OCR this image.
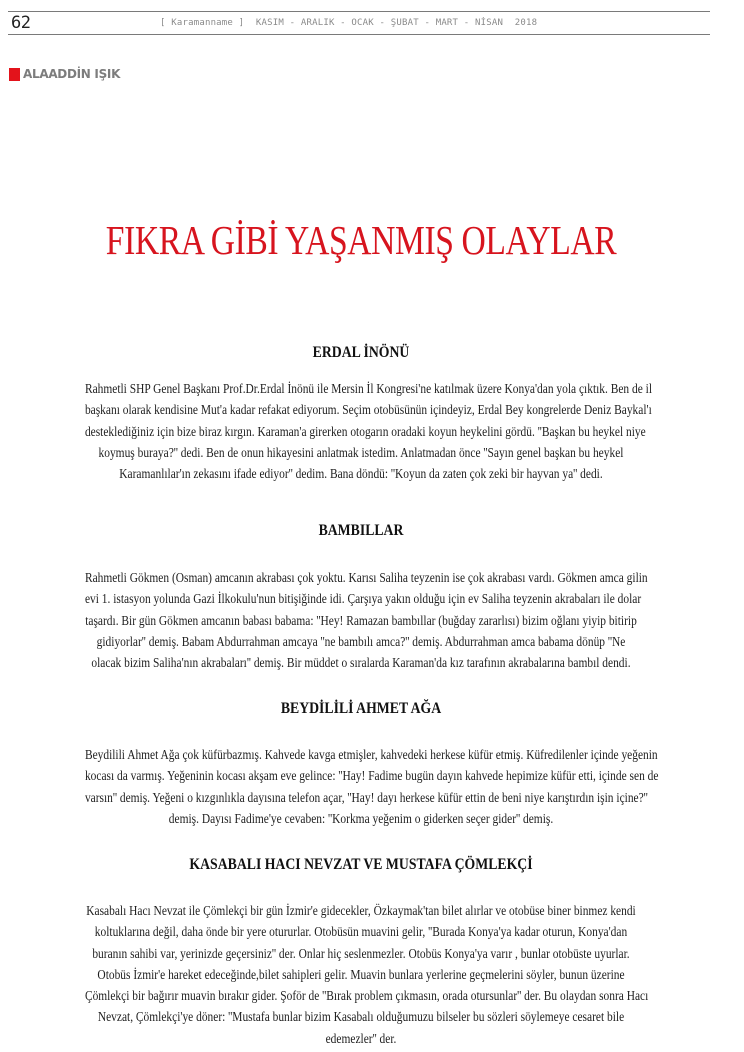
62	[ Karamanname ] KASIM - ARALIK - OCAK - ŞUBAT - MART - NİSAN 2018
ALAADDİN IŞIK
FIKRA GİBİ YAŞANMIŞ OLAYLAR
ERDAL İNÖNÜ
Rahmetli SHP Genel Başkanı Prof.Dr.Erdal İnönü ile Mersin İl Kongresi'ne katılmak üzere Konya'dan yola çıktık. Ben de il
başkanı olarak kendisine Mut'a kadar refakat ediyorum. Seçim otobüsünün içindeyiz, Erdal Bey kongrelerde Deniz Baykal'ı
desteklediğiniz için bize biraz kırgın. Karaman'a girerken otogarın oradaki koyun heykelini gördü. ''Başkan bu heykel niye
koymuş buraya?'' dedi. Ben de onun hikayesini anlatmak istedim. Anlatmadan önce ''Sayın genel başkan bu heykel
Karamanlılar'ın zekasını ifade ediyor'' dedim. Bana döndü: ''Koyun da zaten çok zeki bir hayvan ya'' dedi.
BAMBILLAR
Rahmetli Gökmen (Osman) amcanın akrabası çok yoktu. Karısı Saliha teyzenin ise çok akrabası vardı. Gökmen amca gilin
evi 1. istasyon yolunda Gazi İlkokulu'nun bitişiğinde idi. Çarşıya yakın olduğu için ev Saliha teyzenin akrabaları ile dolar
taşardı. Bir gün Gökmen amcanın babası babama: ''Hey! Ramazan bambıllar (buğday zararlısı) bizim oğlanı yiyip bitirip
gidiyorlar'' demiş. Babam Abdurrahman amcaya ''ne bambılı amca?'' demiş. Abdurrahman amca babama dönüp ''Ne
olacak bizim Saliha'nın akrabaları'' demiş. Bir müddet o sıralarda Karaman'da kız tarafının akrabalarına bambıl dendi.
BEYDİLİLİ AHMET AĞA
Beydilili Ahmet Ağa çok küfürbazmış. Kahvede kavga etmişler, kahvedeki herkese küfür etmiş. Küfredilenler içinde yeğenin
kocası da varmış. Yeğeninin kocası akşam eve gelince: ''Hay! Fadime bugün dayın kahvede hepimize küfür etti, içinde sen de
varsın'' demiş. Yeğeni o kızgınlıkla dayısına telefon açar, ''Hay! dayı herkese küfür ettin de beni niye karıştırdın işin içine?''
demiş. Dayısı Fadime'ye cevaben: ''Korkma yeğenim o giderken seçer gider'' demiş.
KASABALI HACI NEVZAT VE MUSTAFA ÇÖMLEKÇİ
Kasabalı Hacı Nevzat ile Çömlekçi bir gün İzmir'e gidecekler, Özkaymak'tan bilet alırlar ve otobüse biner binmez kendi
koltuklarına değil, daha önde bir yere otururlar. Otobüsün muavini gelir, ''Burada Konya'ya kadar oturun, Konya'dan
buranın sahibi var, yerinizde geçersiniz'' der. Onlar hiç seslenmezler. Otobüs Konya'ya varır , bunlar otobüste uyurlar.
Otobüs İzmir'e hareket edeceğinde,bilet sahipleri gelir. Muavin bunlara yerlerine geçmelerini söyler, bunun üzerine
Çömlekçi bir bağırır muavin bırakır gider. Şoför de ''Bırak problem çıkmasın, orada otursunlar'' der. Bu olaydan sonra Hacı
Nevzat, Çömlekçi'ye döner: ''Mustafa bunlar bizim Kasabalı olduğumuzu bilseler bu sözleri söylemeye cesaret bile
edemezler'' der.
